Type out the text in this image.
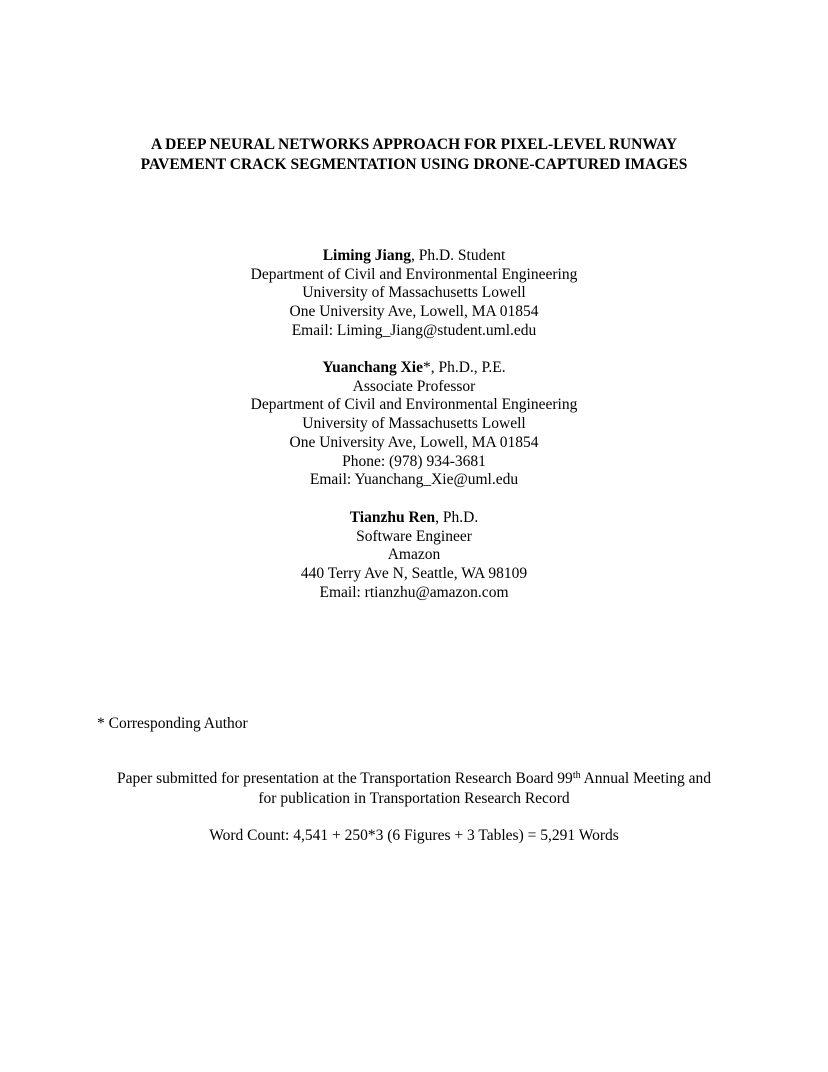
A DEEP NEURAL NETWORKS APPROACH FOR PIXEL-LEVEL RUNWAY
PAVEMENT CRACK SEGMENTATION USING DRONE-CAPTURED IMAGES
Liming Jiang, Ph.D. Student
Department of Civil and Environmental Engineering
University of Massachusetts Lowell
One University Ave, Lowell, MA 01854
Email: Liming_Jiang@student.uml.edu
Yuanchang Xie*, Ph.D., P.E.
Associate Professor
Department of Civil and Environmental Engineering
University of Massachusetts Lowell
One University Ave, Lowell, MA 01854
Phone: (978) 934-3681
Email: Yuanchang_Xie@uml.edu
Tianzhu Ren, Ph.D.
Software Engineer
Amazon
440 Terry Ave N, Seattle, WA 98109
Email: rtianzhu@amazon.com
* Corresponding Author
Paper submitted for presentation at the Transportation Research Board 99th Annual Meeting and
for publication in Transportation Research Record
Word Count: 4,541 + 250*3 (6 Figures + 3 Tables) = 5,291 Words
